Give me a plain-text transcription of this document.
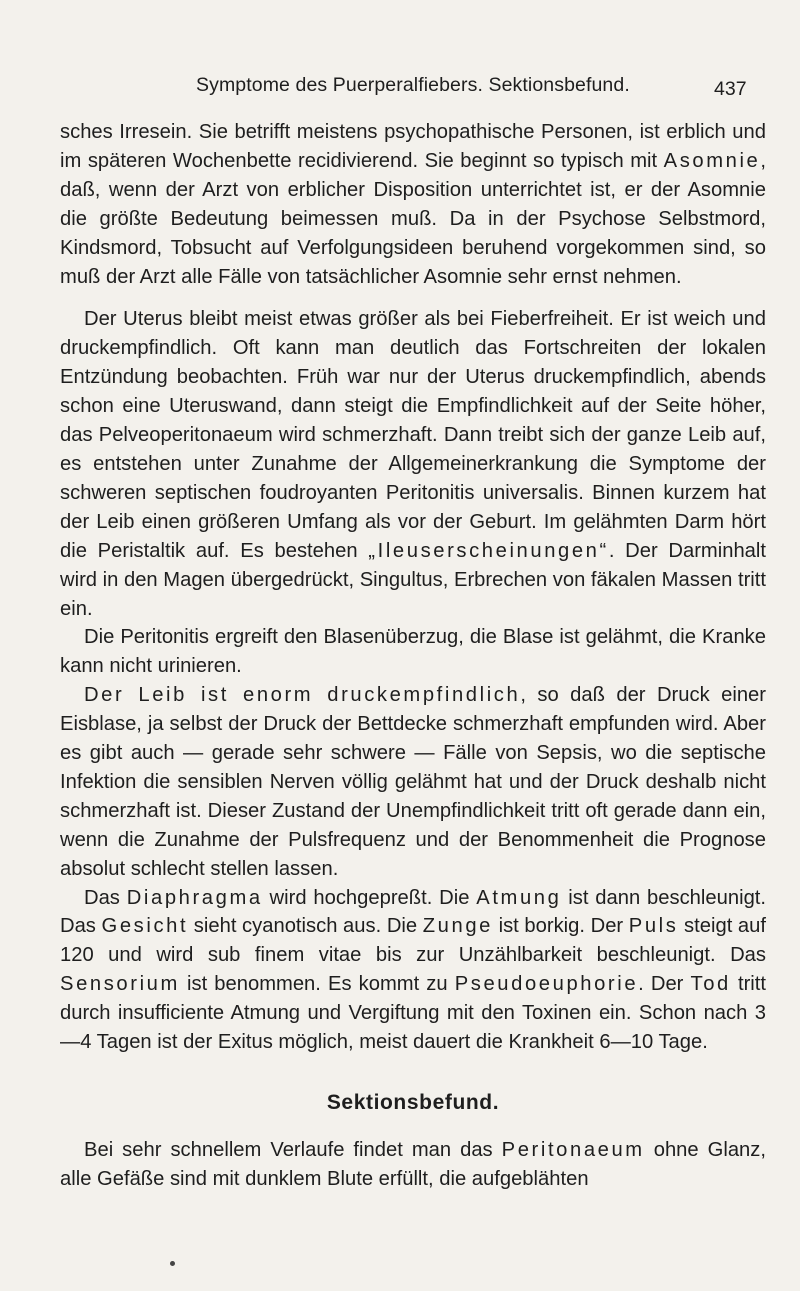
Symptome des Puerperalfiebers. Sektionsbefund.	437

sches Irresein. Sie betrifft meistens psychopathische Personen, ist erblich und im späteren Wochenbette recidivierend. Sie beginnt so typisch mit Asomnie, daß, wenn der Arzt von erblicher Disposition unterrichtet ist, er der Asomnie die größte Bedeutung beimessen muß. Da in der Psychose Selbstmord, Kindsmord, Tobsucht auf Verfolgungsideen beruhend vorgekommen sind, so muß der Arzt alle Fälle von tatsächlicher Asomnie sehr ernst nehmen.

Der Uterus bleibt meist etwas größer als bei Fieberfreiheit. Er ist weich und druckempfindlich. Oft kann man deutlich das Fortschreiten der lokalen Entzündung beobachten. Früh war nur der Uterus druckempfindlich, abends schon eine Uteruswand, dann steigt die Empfindlichkeit auf der Seite höher, das Pelveoperitonaeum wird schmerzhaft. Dann treibt sich der ganze Leib auf, es entstehen unter Zunahme der Allgemeinerkrankung die Symptome der schweren septischen foudroyanten Peritonitis universalis. Binnen kurzem hat der Leib einen größeren Umfang als vor der Geburt. Im gelähmten Darm hört die Peristaltik auf. Es bestehen „Ileuserscheinungen“. Der Darminhalt wird in den Magen übergedrückt, Singultus, Erbrechen von fäkalen Massen tritt ein.

Die Peritonitis ergreift den Blasenüberzug, die Blase ist gelähmt, die Kranke kann nicht urinieren.

Der Leib ist enorm druckempfindlich, so daß der Druck einer Eisblase, ja selbst der Druck der Bettdecke schmerzhaft empfunden wird. Aber es gibt auch — gerade sehr schwere — Fälle von Sepsis, wo die septische Infektion die sensiblen Nerven völlig gelähmt hat und der Druck deshalb nicht schmerzhaft ist. Dieser Zustand der Unempfindlichkeit tritt oft gerade dann ein, wenn die Zunahme der Pulsfrequenz und der Benommenheit die Prognose absolut schlecht stellen lassen.

Das Diaphragma wird hochgepreßt. Die Atmung ist dann beschleunigt. Das Gesicht sieht cyanotisch aus. Die Zunge ist borkig. Der Puls steigt auf 120 und wird sub finem vitae bis zur Unzählbarkeit beschleunigt. Das Sensorium ist benommen. Es kommt zu Pseudoeuphorie. Der Tod tritt durch insufficiente Atmung und Vergiftung mit den Toxinen ein. Schon nach 3—4 Tagen ist der Exitus möglich, meist dauert die Krankheit 6—10 Tage.

Sektionsbefund.

Bei sehr schnellem Verlaufe findet man das Peritonaeum ohne Glanz, alle Gefäße sind mit dunklem Blute erfüllt, die aufgeblähten
